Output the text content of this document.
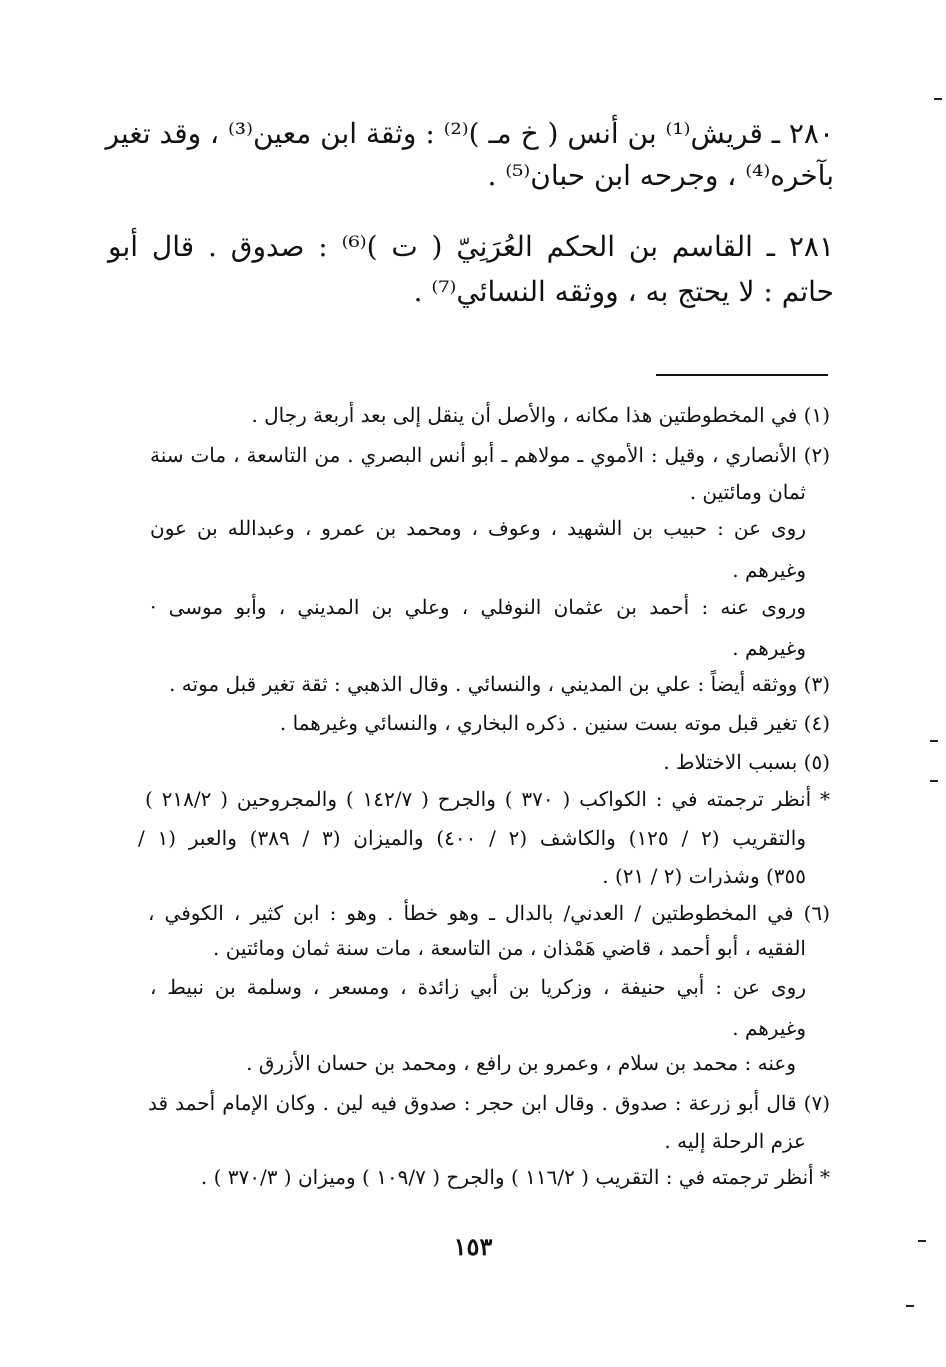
٢٨٠ ـ قريش⁽¹⁾ بن أنس ( خ مـ )⁽²⁾ : وثقة ابن معين⁽³⁾ ، وقد تغير
بآخره⁽⁴⁾ ، وجرحه ابن حبان⁽⁵⁾ .
٢٨١ ـ القاسم بن الحكم العُرَنِيّ ( ت )⁽⁶⁾ : صدوق . قال أبو
حاتم : لا يحتج به ، ووثقه النسائي⁽⁷⁾ .
(١) في المخطوطتين هذا مكانه ، والأصل أن ينقل إلى بعد أربعة رجال .
(٢) الأنصاري ، وقيل : الأموي ـ مولاهم ـ أبو أنس البصري . من التاسعة ، مات سنة
ثمان ومائتين .
روى عن : حبيب بن الشهيد ، وعوف ، ومحمد بن عمرو ، وعبدالله بن عون
وغيرهم .
وروى عنه : أحمد بن عثمان النوفلي ، وعلي بن المديني ، وأبو موسى ·
وغيرهم .
(٣) ووثقه أيضاً : علي بن المديني ، والنسائي . وقال الذهبي : ثقة تغير قبل موته .
(٤) تغير قبل موته بست سنين . ذكره البخاري ، والنسائي وغيرهما .
(٥) بسبب الاختلاط .
* أنظر ترجمته في : الكواكب ( ٣٧٠ ) والجرح ( ١٤٢/٧ ) والمجروحين ( ٢١٨/٢ )
والتقريب (٢ / ١٢٥) والكاشف (٢ / ٤٠٠) والميزان (٣ / ٣٨٩) والعبر (١ /
٣٥٥) وشذرات (٢ / ٢١) .
(٦) في المخطوطتين / العدني/ بالدال ـ وهو خطأ . وهو : ابن كثير ، الكوفي ،
الفقيه ، أبو أحمد ، قاضي هَمْذان ، من التاسعة ، مات سنة ثمان ومائتين .
روى عن : أبي حنيفة ، وزكريا بن أبي زائدة ، ومسعر ، وسلمة بن نبيط ،
وغيرهم .
وعنه : محمد بن سلام ، وعمرو بن رافع ، ومحمد بن حسان الأزرق .
(٧) قال أبو زرعة : صدوق . وقال ابن حجر : صدوق فيه لين . وكان الإمام أحمد قد
عزم الرحلة إليه .
* أنظر ترجمته في : التقريب ( ١١٦/٢ ) والجرح ( ١٠٩/٧ ) وميزان ( ٣٧٠/٣ ) .
١٥٣
